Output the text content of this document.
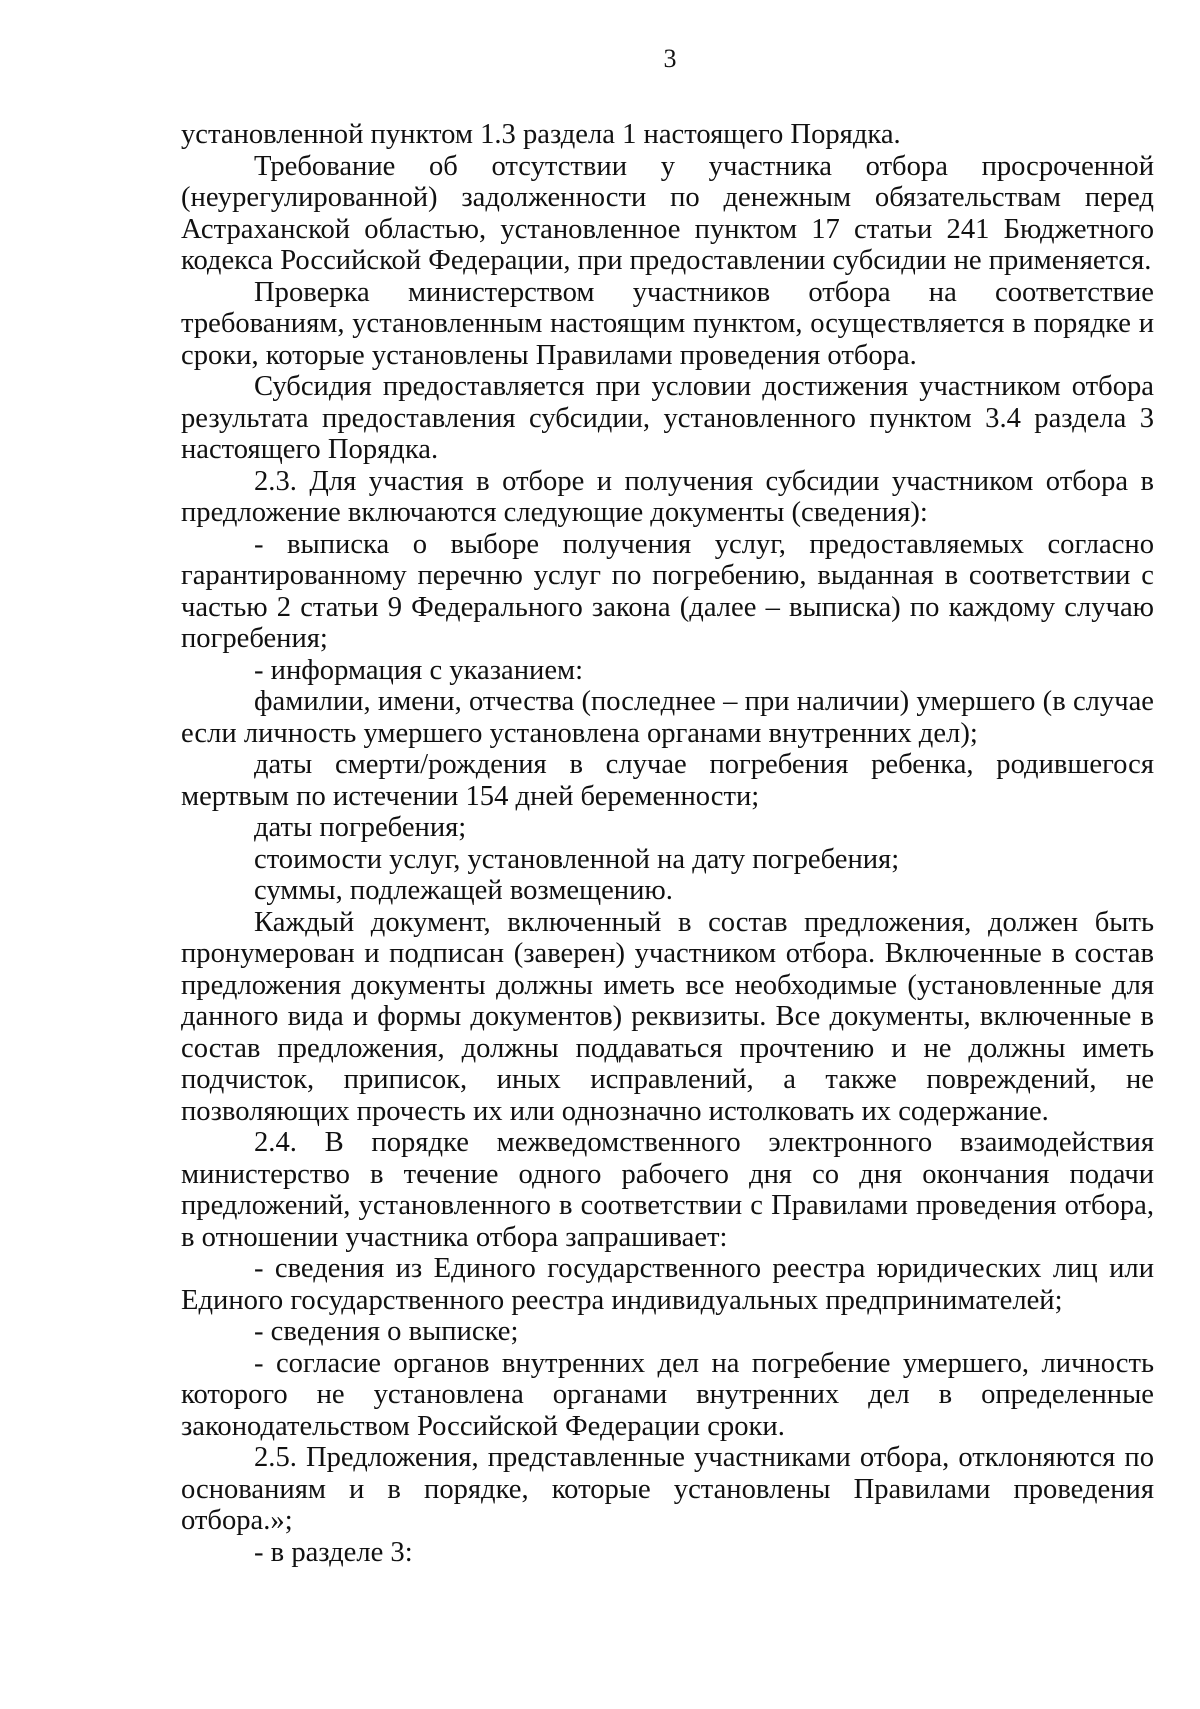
3

установленной пунктом 1.3 раздела 1 настоящего Порядка.

Требование об отсутствии у участника отбора просроченной (неурегулированной) задолженности по денежным обязательствам перед Астраханской областью, установленное пунктом 17 статьи 241 Бюджетного кодекса Российской Федерации, при предоставлении субсидии не применяется.

Проверка министерством участников отбора на соответствие требованиям, установленным настоящим пунктом, осуществляется в порядке и сроки, которые установлены Правилами проведения отбора.

Субсидия предоставляется при условии достижения участником отбора результата предоставления субсидии, установленного пунктом 3.4 раздела 3 настоящего Порядка.

2.3. Для участия в отборе и получения субсидии участником отбора в предложение включаются следующие документы (сведения):

- выписка о выборе получения услуг, предоставляемых согласно гарантированному перечню услуг по погребению, выданная в соответствии с частью 2 статьи 9 Федерального закона (далее – выписка) по каждому случаю погребения;

- информация с указанием:

фамилии, имени, отчества (последнее – при наличии) умершего (в случае если личность умершего установлена органами внутренних дел);

даты смерти/рождения в случае погребения ребенка, родившегося мертвым по истечении 154 дней беременности;

даты погребения;

стоимости услуг, установленной на дату погребения;

суммы, подлежащей возмещению.

Каждый документ, включенный в состав предложения, должен быть пронумерован и подписан (заверен) участником отбора. Включенные в состав предложения документы должны иметь все необходимые (установленные для данного вида и формы документов) реквизиты. Все документы, включенные в состав предложения, должны поддаваться прочтению и не должны иметь подчисток, приписок, иных исправлений, а также повреждений, не позволяющих прочесть их или однозначно истолковать их содержание.

2.4. В порядке межведомственного электронного взаимодействия министерство в течение одного рабочего дня со дня окончания подачи предложений, установленного в соответствии с Правилами проведения отбора, в отношении участника отбора запрашивает:

- сведения из Единого государственного реестра юридических лиц или Единого государственного реестра индивидуальных предпринимателей;

- сведения о выписке;

- согласие органов внутренних дел на погребение умершего, личность которого не установлена органами внутренних дел в определенные законодательством Российской Федерации сроки.

2.5. Предложения, представленные участниками отбора, отклоняются по основаниям и в порядке, которые установлены Правилами проведения отбора.»;

- в разделе 3:
